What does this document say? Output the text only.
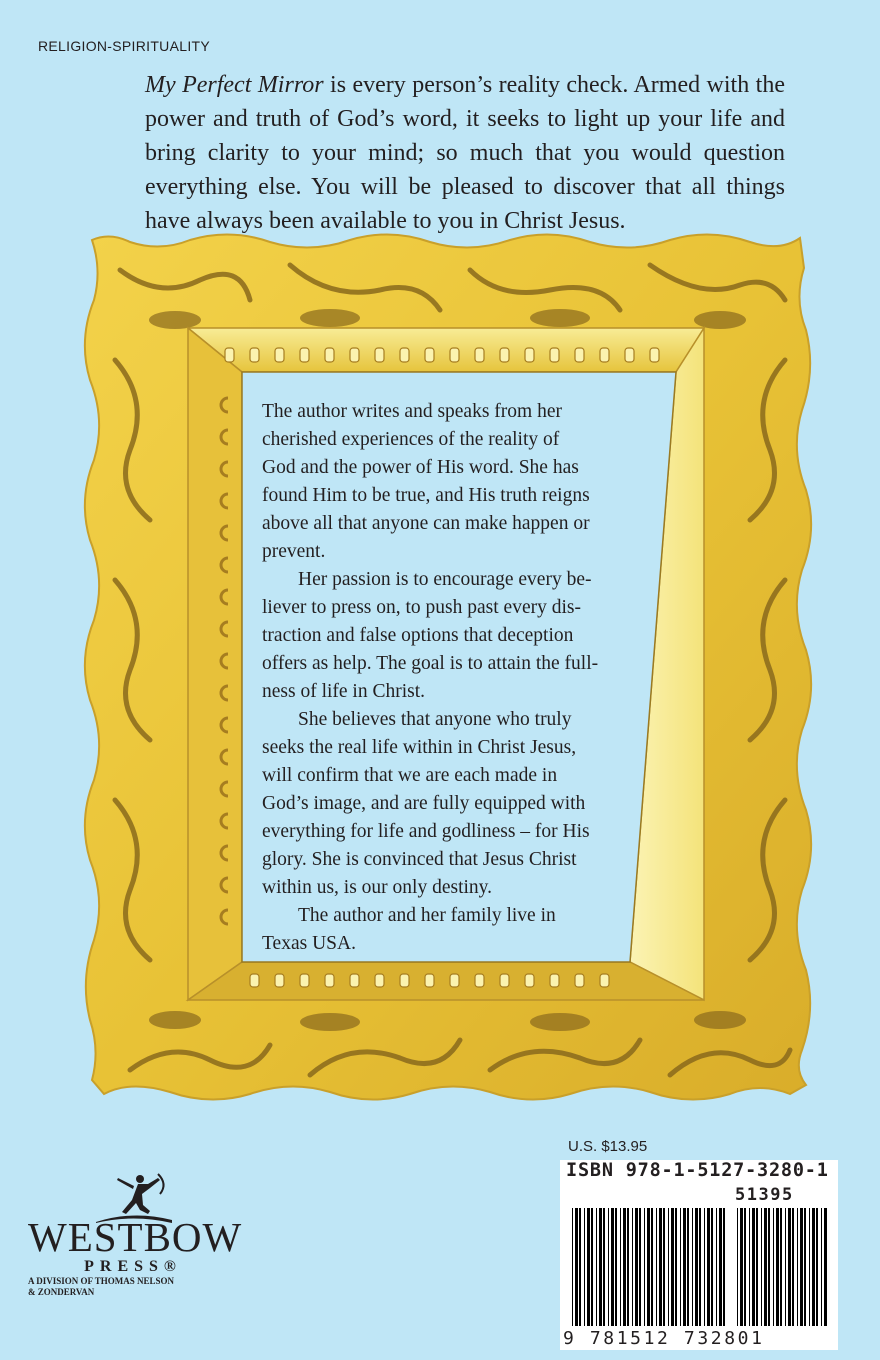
RELIGION-SPIRITUALITY

My Perfect Mirror is every person’s reality check. Armed with the power and truth of God’s word, it seeks to light up your life and bring clarity to your mind; so much that you would question everything else. You will be pleased to discover that all things have always been available to you in Christ Jesus.

The author writes and speaks from her
cherished experiences of the reality of
God and the power of His word. She has
found Him to be true, and His truth reigns
above all that anyone can make happen or
prevent.

Her passion is to encourage every be-
liever to press on, to push past every dis-
traction and false options that deception
offers as help. The goal is to attain the full-
ness of life in Christ.

She believes that anyone who truly
seeks the real life within in Christ Jesus,
will confirm that we are each made in
God’s image, and are fully equipped with
everything for life and godliness – for His
glory. She is convinced that Jesus Christ
within us, is our only destiny.

The author and her family live in
Texas USA.

WESTBOW
PRESS®
A DIVISION OF THOMAS NELSON
& ZONDERVAN
U.S. $13.95
ISBN 978-1-5127-3280-1
51395
9 781512 732801
